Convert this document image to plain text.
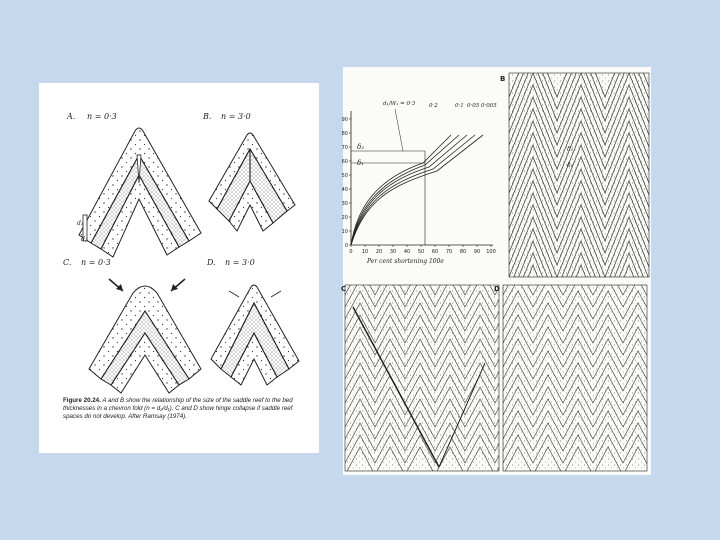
A. n = 0·3
d₁
d₂
B. n = 3·0
C. n = 0·3	D. n = 3·0
Figure 20.24. A and B show the relationship of the size of the saddle reef to the bed thicknesses in a chevron fold (n = d₂/d₁). C and D show hinge collapse if saddle reef spaces do not develop. After Ramsay (1974).
90
80
70
60
50
40
30
20
10
0
0 10 20 30 40 50 60 70 80 90 100
d₁/W₁ = 0·3 0·2	0·1 0·05 0·005
δ₂
δ₁
Per cent shortening 100e
B
δ₂
δ₁
C	D
